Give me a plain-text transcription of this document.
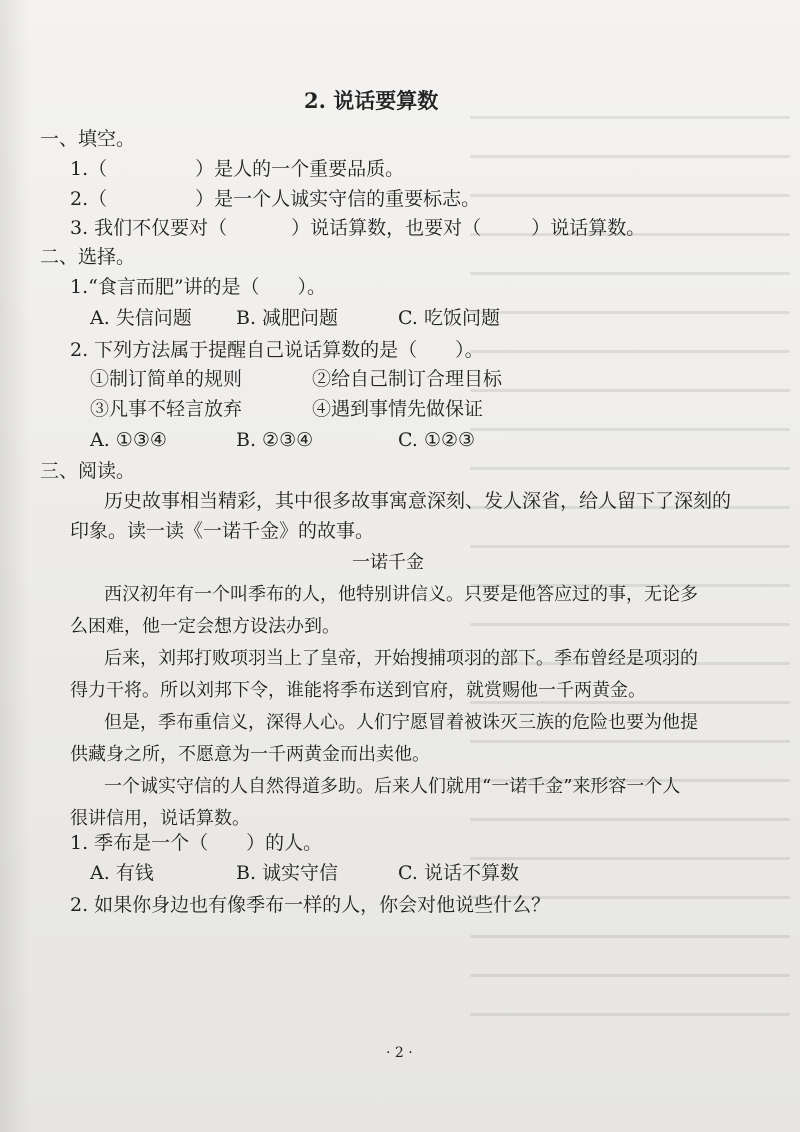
2. 说话要算数
一、填空。
1.（	）是人的一个重要品质。
2.（	）是一个人诚实守信的重要标志。
3. 我们不仅要对（	）说话算数，也要对（	）说话算数。
二、选择。
1.“食言而肥”讲的是（　　）。
A. 失信问题 B. 减肥问题	C. 吃饭问题
2. 下列方法属于提醒自己说话算数的是（　　）。
①制订简单的规则	②给自己制订合理目标
③凡事不轻言放弃	④遇到事情先做保证
A. ①③④	B. ②③④	C. ①②③
三、阅读。
历史故事相当精彩，其中很多故事寓意深刻、发人深省，给人留下了深刻的
印象。读一读《一诺千金》的故事。
一诺千金
西汉初年有一个叫季布的人，他特别讲信义。只要是他答应过的事，无论多
么困难，他一定会想方设法办到。
后来，刘邦打败项羽当上了皇帝，开始搜捕项羽的部下。季布曾经是项羽的
得力干将。所以刘邦下令，谁能将季布送到官府，就赏赐他一千两黄金。
但是，季布重信义，深得人心。人们宁愿冒着被诛灭三族的危险也要为他提
供藏身之所，不愿意为一千两黄金而出卖他。
一个诚实守信的人自然得道多助。后来人们就用“一诺千金”来形容一个人
很讲信用，说话算数。
1. 季布是一个（　　）的人。
A. 有钱	B. 诚实守信	C. 说话不算数
2. 如果你身边也有像季布一样的人，你会对他说些什么？
· 2 ·
